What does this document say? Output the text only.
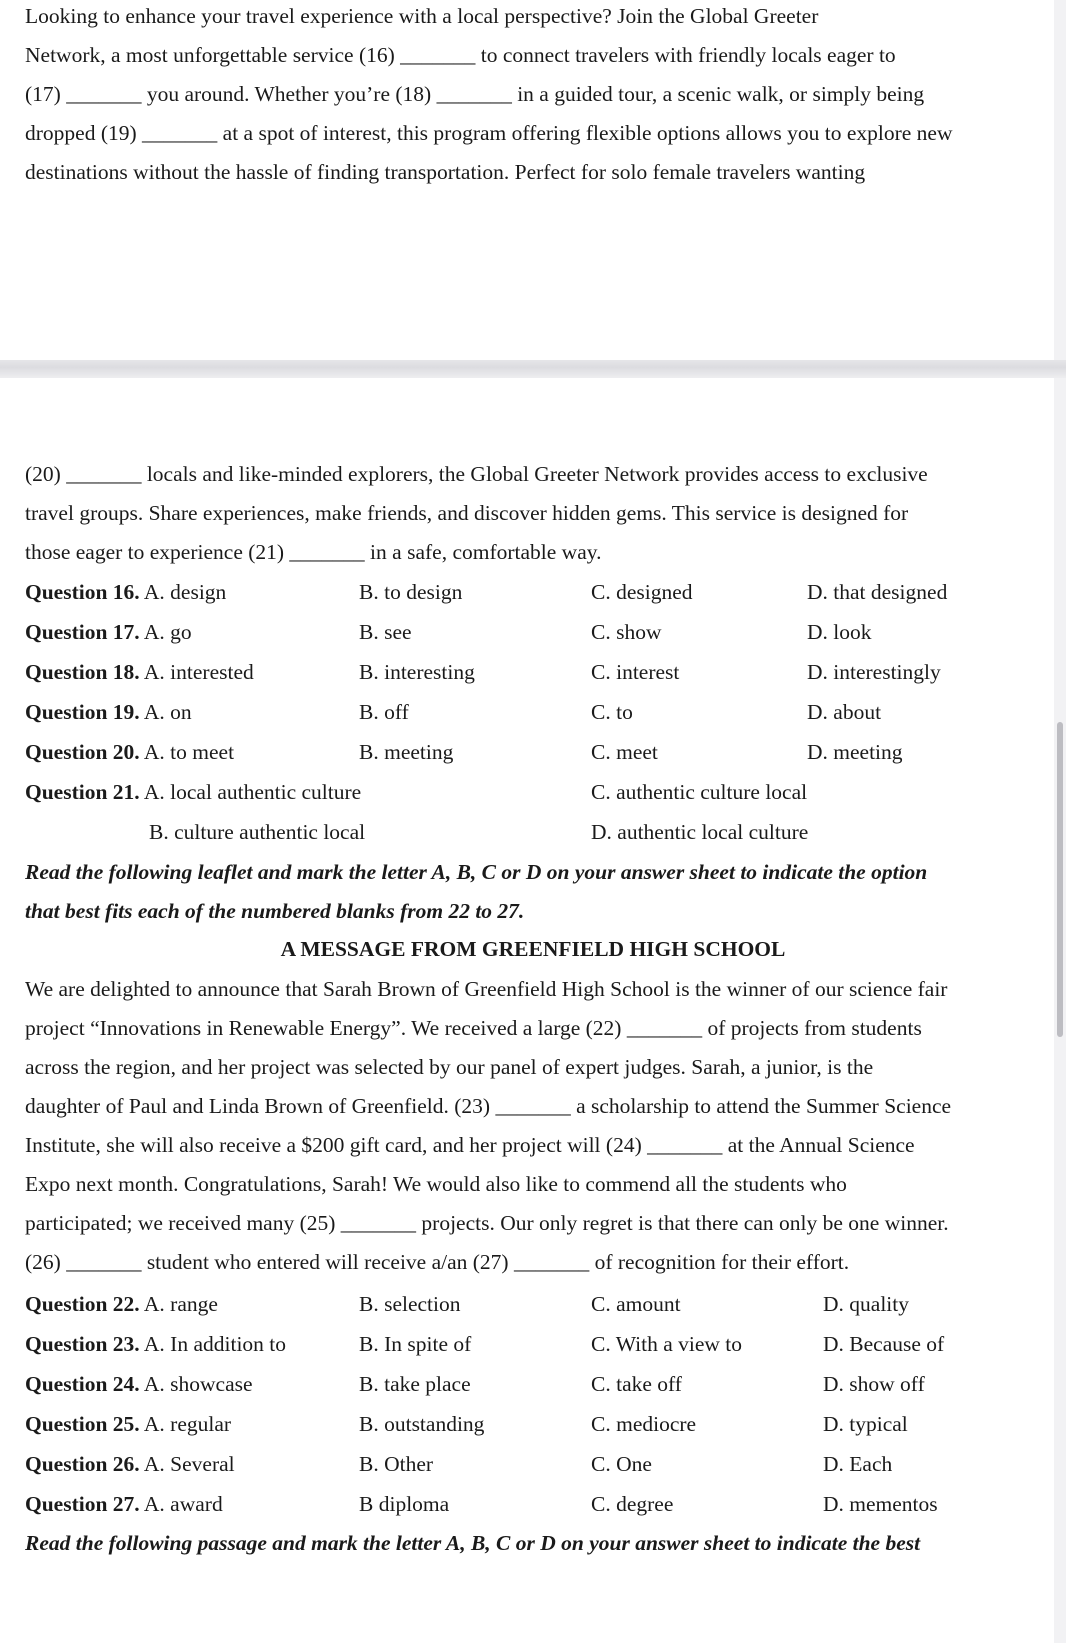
Looking to enhance your travel experience with a local perspective? Join the Global Greeter
Network, a most unforgettable service (16) _______ to connect travelers with friendly locals eager to
(17) _______ you around. Whether you’re (18) _______ in a guided tour, a scenic walk, or simply being
dropped (19) _______ at a spot of interest, this program offering flexible options allows you to explore new
destinations without the hassle of finding transportation. Perfect for solo female travelers wanting
(20) _______ locals and like-minded explorers, the Global Greeter Network provides access to exclusive
travel groups. Share experiences, make friends, and discover hidden gems. This service is designed for
those eager to experience (21) _______ in a safe, comfortable way.
Question 16. A. design	B. to design	C. designed	D. that designed
Question 17. A. go	B. see	C. show	D. look
Question 18. A. interested	B. interesting	C. interest	D. interestingly
Question 19. A. on	B. off	C. to	D. about
Question 20. A. to meet	B. meeting	C. meet	D. meeting
Question 21. A. local authentic culture	C. authentic culture local
B. culture authentic local	D. authentic local culture
Read the following leaflet and mark the letter A, B, C or D on your answer sheet to indicate the option
that best fits each of the numbered blanks from 22 to 27.
A MESSAGE FROM GREENFIELD HIGH SCHOOL
We are delighted to announce that Sarah Brown of Greenfield High School is the winner of our science fair
project “Innovations in Renewable Energy”. We received a large (22) _______ of projects from students
across the region, and her project was selected by our panel of expert judges. Sarah, a junior, is the
daughter of Paul and Linda Brown of Greenfield. (23) _______ a scholarship to attend the Summer Science
Institute, she will also receive a $200 gift card, and her project will (24) _______ at the Annual Science
Expo next month. Congratulations, Sarah! We would also like to commend all the students who
participated; we received many (25) _______ projects. Our only regret is that there can only be one winner.
(26) _______ student who entered will receive a/an (27) _______ of recognition for their effort.
Question 22. A. range	B. selection	C. amount	D. quality
Question 23. A. In addition to	B. In spite of	C. With a view to	D. Because of
Question 24. A. showcase	B. take place	C. take off	D. show off
Question 25. A. regular	B. outstanding	C. mediocre	D. typical
Question 26. A. Several	B. Other	C. One	D. Each
Question 27. A. award	B diploma	C. degree	D. mementos
Read the following passage and mark the letter A, B, C or D on your answer sheet to indicate the best
